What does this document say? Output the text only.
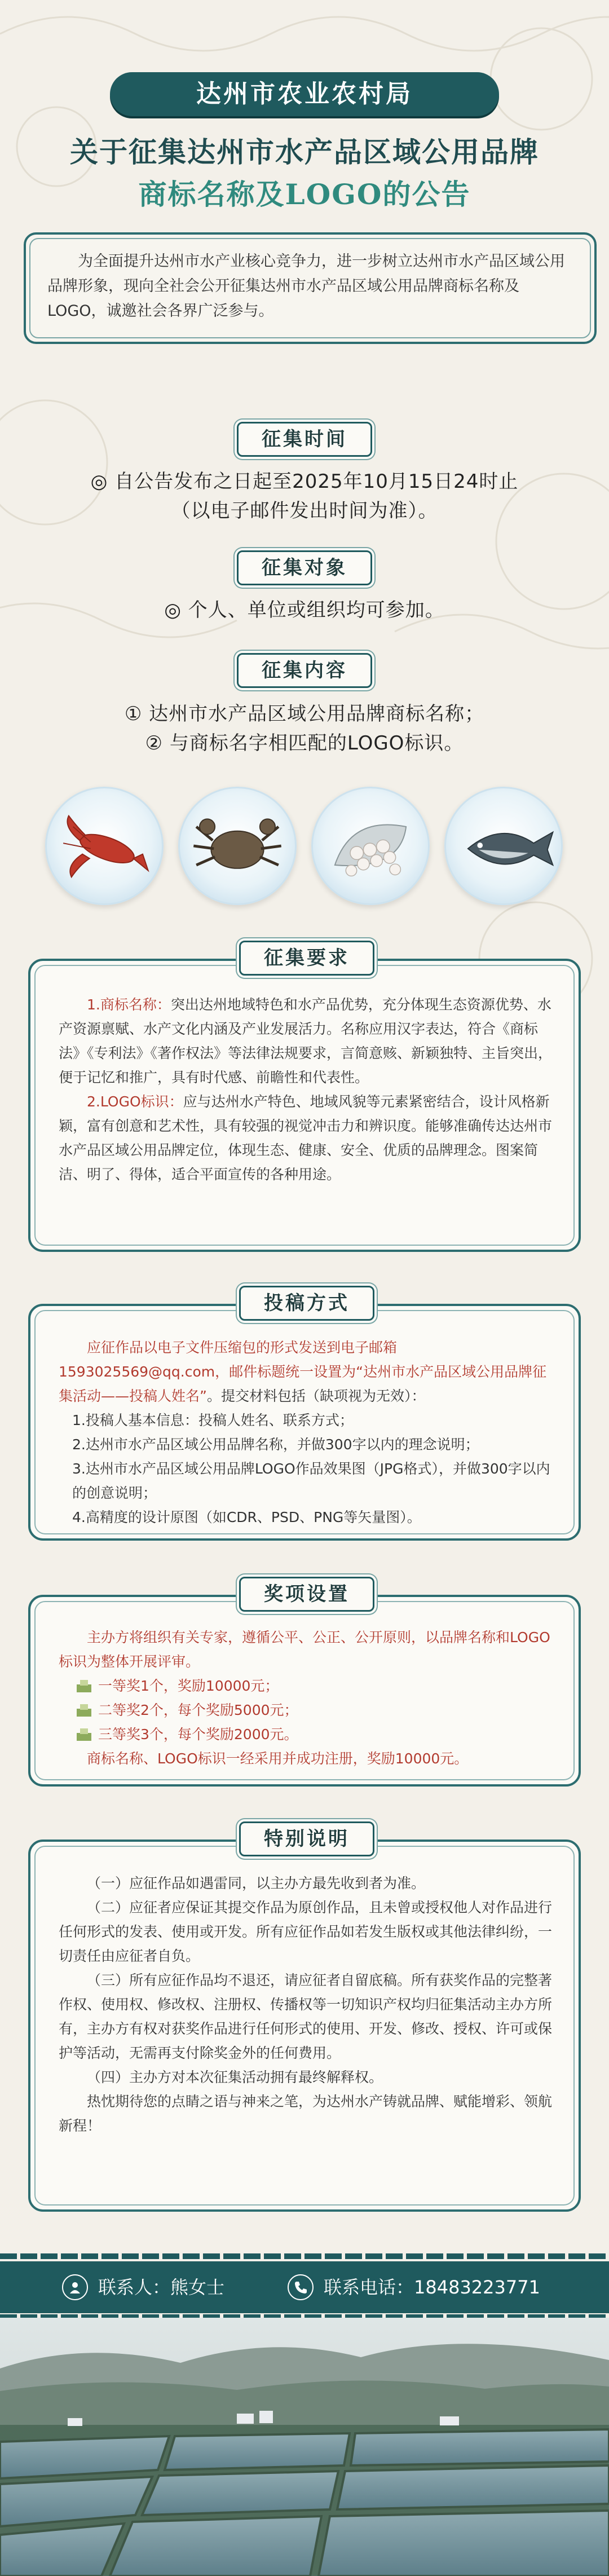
达州市农业农村局
关于征集达州市水产品区域公用品牌
商标名称及LOGO的公告
为全面提升达州市水产业核心竞争力，进一步树立达州市水产品区域公用品牌形象，现向全社会公开征集达州市水产品区域公用品牌商标名称及LOGO，诚邀社会各界广泛参与。
征集时间
◎ 自公告发布之日起至2025年10月15日24时止
（以电子邮件发出时间为准）。
征集对象
◎ 个人、单位或组织均可参加。
征集内容
① 达州市水产品区域公用品牌商标名称；
② 与商标名字相匹配的LOGO标识。
征集要求
1.商标名称：突出达州地域特色和水产品优势，充分体现生态资源优势、水产资源禀赋、水产文化内涵及产业发展活力。名称应用汉字表达，符合《商标法》《专利法》《著作权法》等法律法规要求，言简意赅、新颖独特、主旨突出，便于记忆和推广，具有时代感、前瞻性和代表性。
2.LOGO标识：应与达州水产特色、地域风貌等元素紧密结合，设计风格新颖，富有创意和艺术性，具有较强的视觉冲击力和辨识度。能够准确传达达州市水产品区域公用品牌定位，体现生态、健康、安全、优质的品牌理念。图案简洁、明了、得体，适合平面宣传的各种用途。
投稿方式
应征作品以电子文件压缩包的形式发送到电子邮箱1593025569@qq.com，邮件标题统一设置为“达州市水产品区域公用品牌征集活动——投稿人姓名”。提交材料包括（缺项视为无效）：
1.投稿人基本信息：投稿人姓名、联系方式；
2.达州市水产品区域公用品牌名称，并做300字以内的理念说明；
3.达州市水产品区域公用品牌LOGO作品效果图（JPG格式），并做300字以内的创意说明；
4.高精度的设计原图（如CDR、PSD、PNG等矢量图）。
奖项设置
主办方将组织有关专家，遵循公平、公正、公开原则，以品牌名称和LOGO标识为整体开展评审。
一等奖1个，奖励10000元；
二等奖2个，每个奖励5000元；
三等奖3个，每个奖励2000元。
商标名称、LOGO标识一经采用并成功注册，奖励10000元。
特别说明
（一）应征作品如遇雷同，以主办方最先收到者为准。
（二）应征者应保证其提交作品为原创作品，且未曾或授权他人对作品进行任何形式的发表、使用或开发。所有应征作品如若发生版权或其他法律纠纷，一切责任由应征者自负。
（三）所有应征作品均不退还，请应征者自留底稿。所有获奖作品的完整著作权、使用权、修改权、注册权、传播权等一切知识产权均归征集活动主办方所有，主办方有权对获奖作品进行任何形式的使用、开发、修改、授权、许可或保护等活动，无需再支付除奖金外的任何费用。
（四）主办方对本次征集活动拥有最终解释权。
热忱期待您的点睛之语与神来之笔，为达州水产铸就品牌、赋能增彩、领航新程！
联系人：熊女士	联系电话：18483223771
